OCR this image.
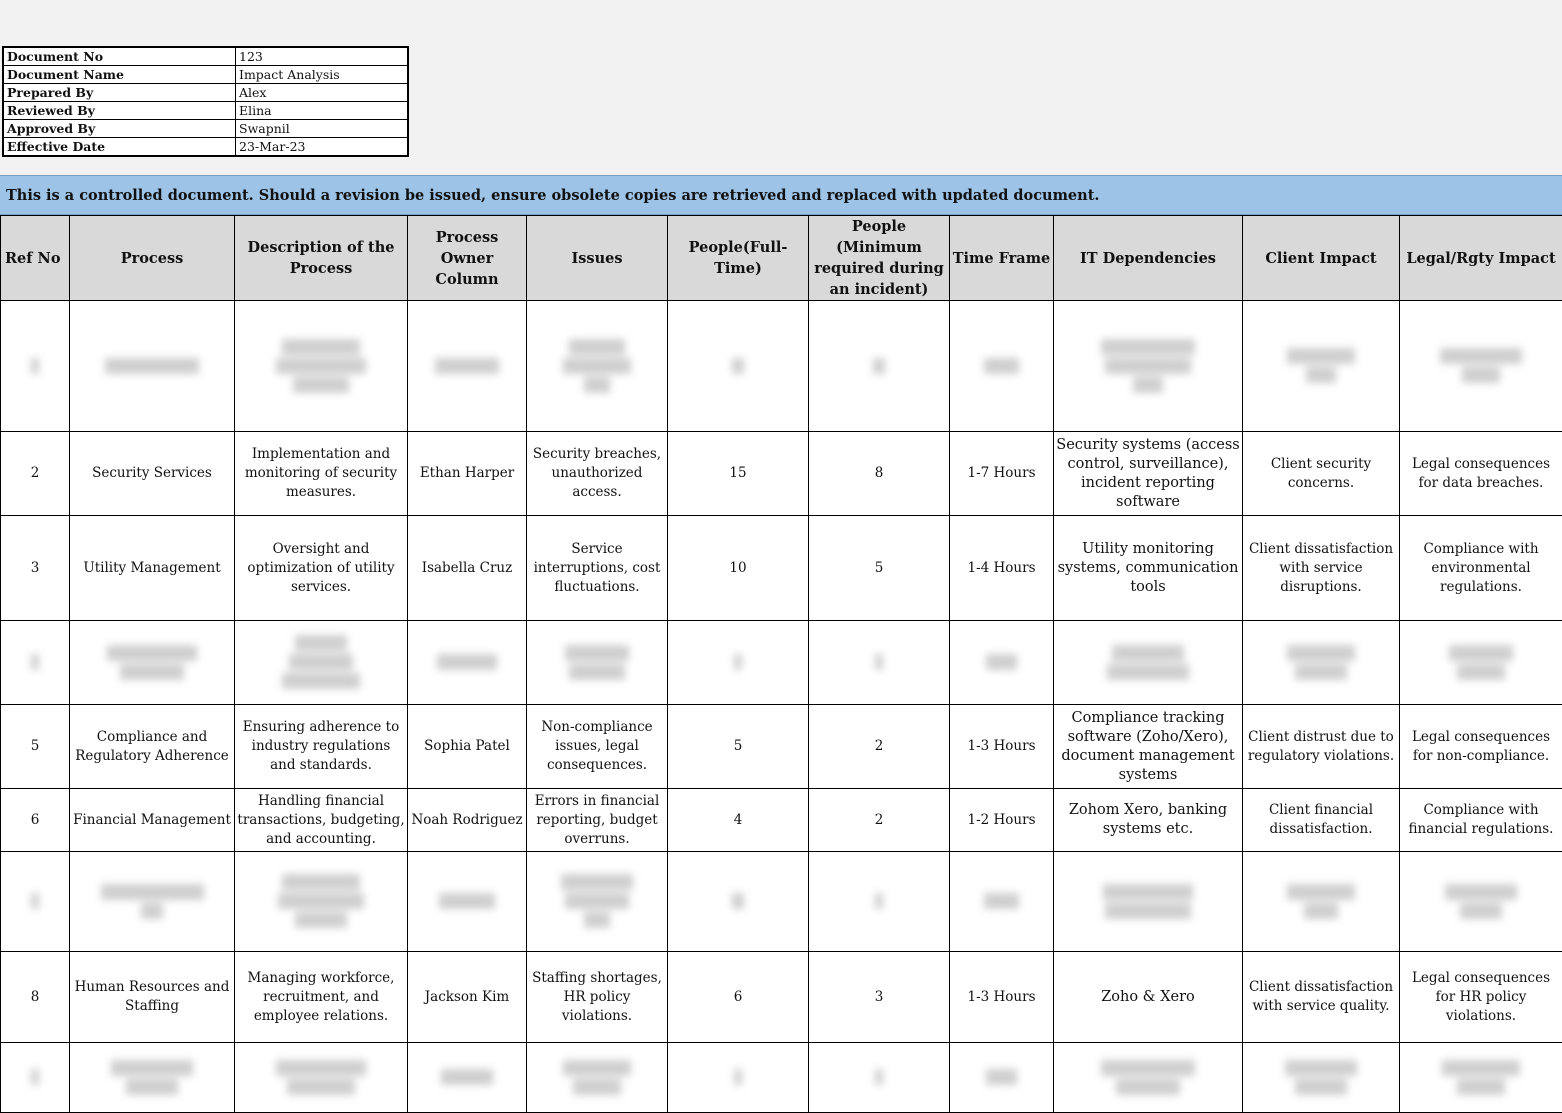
Document No	123
Document Name	Impact Analysis
Prepared By	Alex
Reviewed By	Elina
Approved By	Swapnil
Effective Date	23-Mar-23
This is a controlled document. Should a revision be issued, ensure obsolete copies are retrieved and replaced with updated document.
Ref No	Process	Description of the Process	Process Owner Column	Issues	People(Full-Time)	People (Minimum required during an incident)	Time Frame	IT Dependencies	Client Impact	Legal/Rgty Impact

2	Security Services	Implementation and monitoring of security measures.	Ethan Harper	Security breaches, unauthorized access.	15	8	1-7 Hours	Security systems (access control, surveillance), incident reporting software	Client security concerns.	Legal consequences for data breaches.
3	Utility Management	Oversight and optimization of utility services.	Isabella Cruz	Service interruptions, cost fluctuations.	10	5	1-4 Hours	Utility monitoring systems, communication tools	Client dissatisfaction with service disruptions.	Compliance with environmental regulations.

5	Compliance and Regulatory Adherence	Ensuring adherence to industry regulations and standards.	Sophia Patel	Non-compliance issues, legal consequences.	5	2	1-3 Hours	Compliance tracking software (Zoho/Xero), document management systems	Client distrust due to regulatory violations.	Legal consequences for non-compliance.
6	Financial Management	Handling financial transactions, budgeting, and accounting.	Noah Rodriguez	Errors in financial reporting, budget overruns.	4	2	1-2 Hours	Zohom Xero, banking systems etc.	Client financial dissatisfaction.	Compliance with financial regulations.

8	Human Resources and Staffing	Managing workforce, recruitment, and employee relations.	Jackson Kim	Staffing shortages, HR policy violations.	6	3	1-3 Hours	Zoho & Xero	Client dissatisfaction with service quality.	Legal consequences for HR policy violations.
